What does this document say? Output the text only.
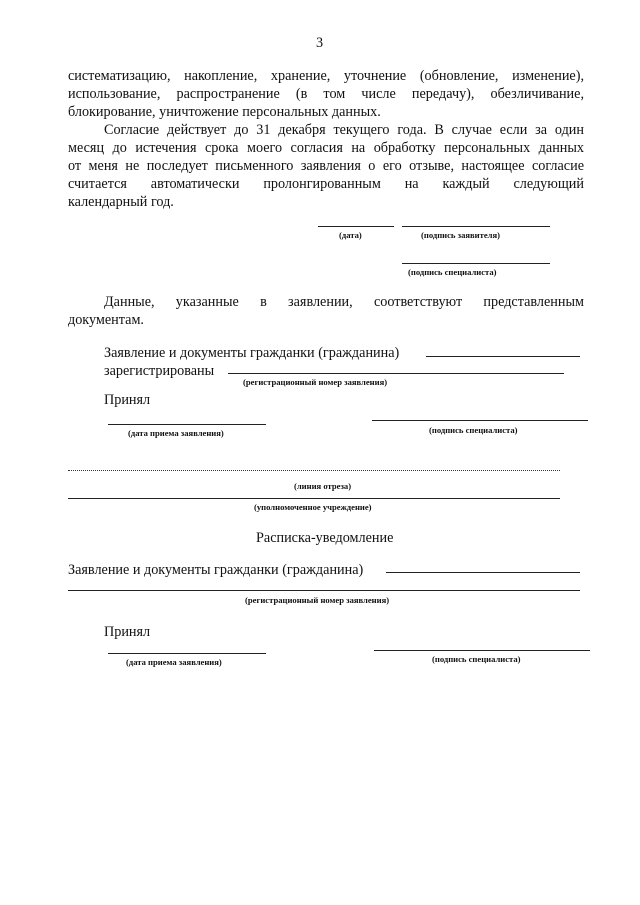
3
систематизацию, накопление, хранение, уточнение (обновление, изменение),
использование, распространение (в том числе передачу), обезличивание,
блокирование, уничтожение персональных данных.
Согласие действует до 31 декабря текущего года. В случае если за один
месяц до истечения срока моего согласия на обработку персональных данных
от меня не последует письменного заявления о его отзыве, настоящее согласие
считается автоматически пролонгированным на каждый следующий
календарный год.
(дата)	(подпись заявителя)
(подпись специалиста)
Данные, указанные в заявлении, соответствуют представленным
документам.
Заявление и документы гражданки (гражданина)
зарегистрированы
(регистрационный номер заявления)
Принял
(дата приема заявления)	(подпись специалиста)
(линия отреза)
(уполномоченное учреждение)
Расписка-уведомление
Заявление и документы гражданки (гражданина)
(регистрационный номер заявления)
Принял
(дата приема заявления)	(подпись специалиста)
